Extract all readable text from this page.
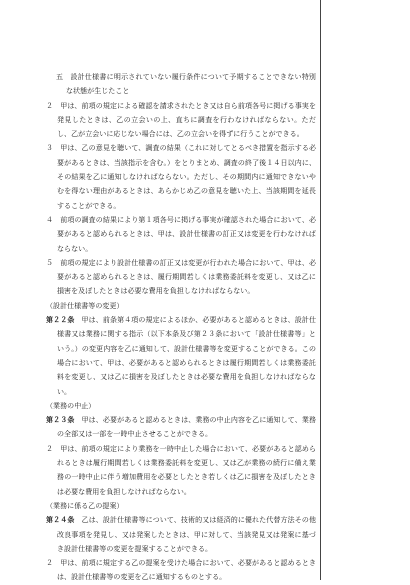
五　設計仕様書に明示されていない履行条件について予期することできない特別な状態が生じたこと

２　甲は、前項の規定による確認を請求されたとき又は自ら前項各号に掲げる事実を発見したときは、乙の立会いの上、直ちに調査を行わなければならない。ただし、乙が立会いに応じない場合には、乙の立会いを得ずに行うことができる。

３　甲は、乙の意見を聴いて、調査の結果（これに対してとるべき措置を指示する必要があるときは、当該指示を含む。）をとりまとめ、調査の終了後１４日以内に、その結果を乙に通知しなければならない。ただし、その期間内に通知できないやむを得ない理由があるときは、あらかじめ乙の意見を聴いた上、当該期間を延長することができる。

４　前項の調査の結果により第１項各号に掲げる事実が確認された場合において、必要があると認められるときは、甲は、設計仕様書の訂正又は変更を行わなければならない。

５　前項の規定により設計仕様書の訂正又は変更が行われた場合において、甲は、必要があると認められるときは、履行期間若しくは業務委託料を変更し、又は乙に損害を及ぼしたときは必要な費用を負担しなければならない。

（設計仕様書等の変更）

第２２条　甲は、前条第４項の規定によるほか、必要があると認めるときは、設計仕様書又は業務に関する指示（以下本条及び第２３条において「設計仕様書等」という。）の変更内容を乙に通知して、設計仕様書等を変更することができる。この場合において、甲は、必要があると認められるときは履行期間若しくは業務委託料を変更し、又は乙に損害を及ぼしたときは必要な費用を負担しなければならない。

（業務の中止）

第２３条　甲は、必要があると認めるときは、業務の中止内容を乙に通知して、業務の全部又は一部を一時中止させることができる。

２　甲は、前項の規定により業務を一時中止した場合において、必要があると認められるときは履行期間若しくは業務委託料を変更し、又は乙が業務の続行に備え業務の一時中止に伴う増加費用を必要としたとき若しくは乙に損害を及ぼしたときは必要な費用を負担しなければならない。

（業務に係る乙の提案）

第２４条　乙は、設計仕様書等について、技術的又は経済的に優れた代替方法その他改良事項を発見し、又は発案したときは、甲に対して、当該発見又は発案に基づき設計仕様書等の変更を提案することができる。

２　甲は、前項に規定する乙の提案を受けた場合において、必要があると認めるときは、設計仕様書等の変更を乙に通知するものとする。
